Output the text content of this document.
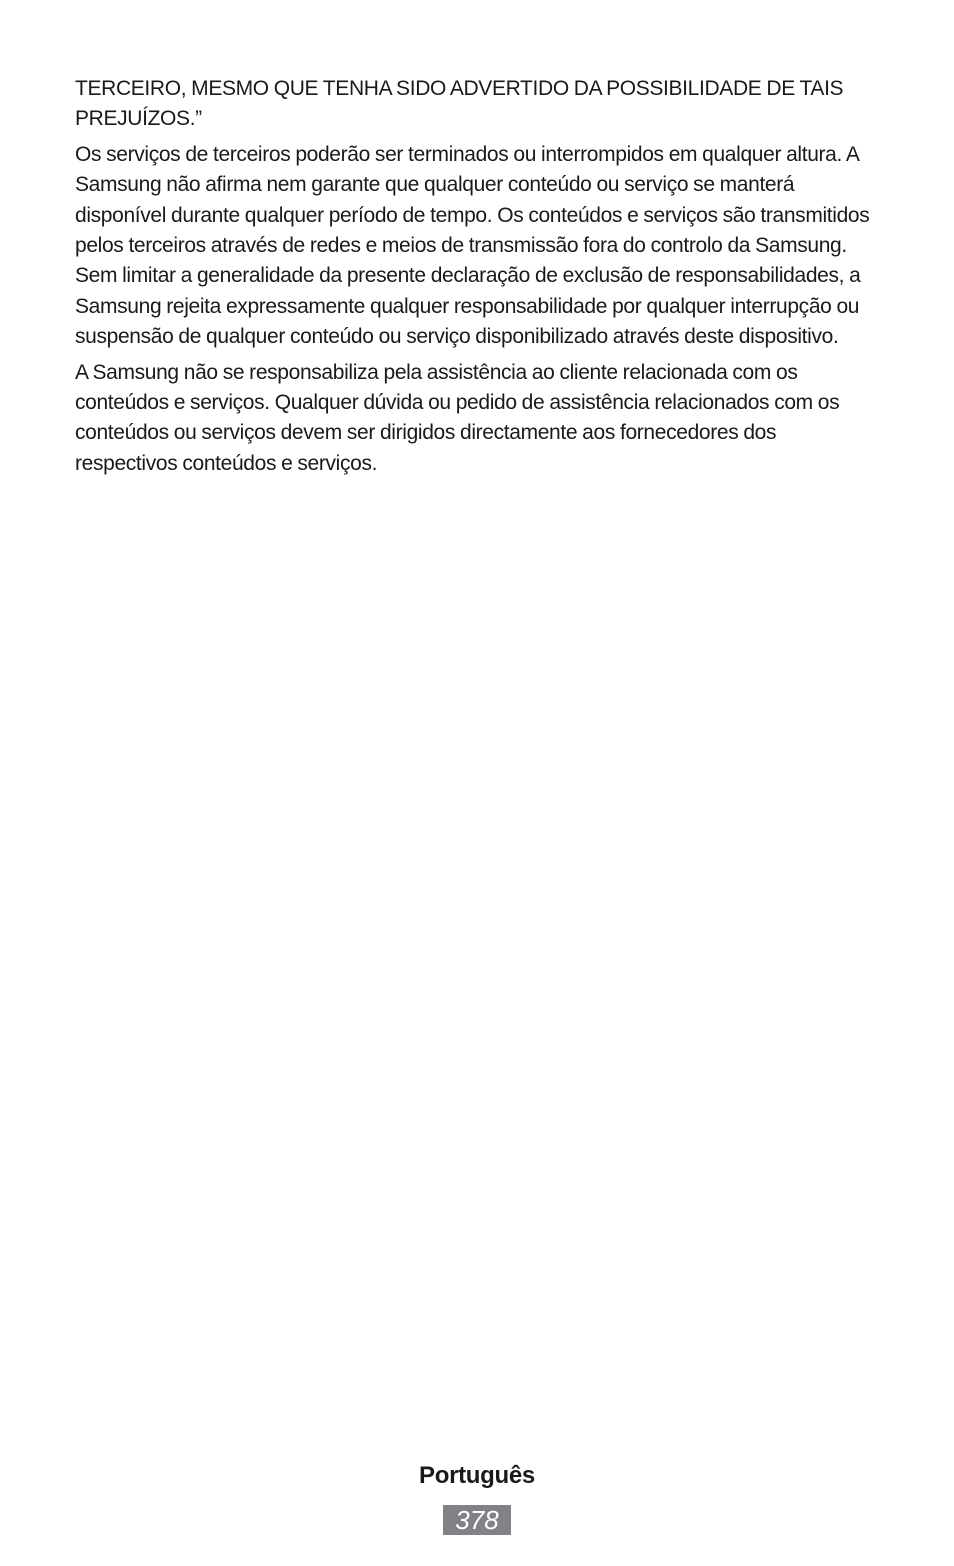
TERCEIRO, MESMO QUE TENHA SIDO ADVERTIDO DA POSSIBILIDADE DE TAIS PREJUÍZOS.”

Os serviços de terceiros poderão ser terminados ou interrompidos em qualquer altura. A Samsung não afirma nem garante que qualquer conteúdo ou serviço se manterá disponível durante qualquer período de tempo. Os conteúdos e serviços são transmitidos pelos terceiros através de redes e meios de transmissão fora do controlo da Samsung. Sem limitar a generalidade da presente declaração de exclusão de responsabilidades, a Samsung rejeita expressamente qualquer responsabilidade por qualquer interrupção ou suspensão de qualquer conteúdo ou serviço disponibilizado através deste dispositivo.

A Samsung não se responsabiliza pela assistência ao cliente relacionada com os conteúdos e serviços. Qualquer dúvida ou pedido de assistência relacionados com os conteúdos ou serviços devem ser dirigidos directamente aos fornecedores dos respectivos conteúdos e serviços.

Português
378
